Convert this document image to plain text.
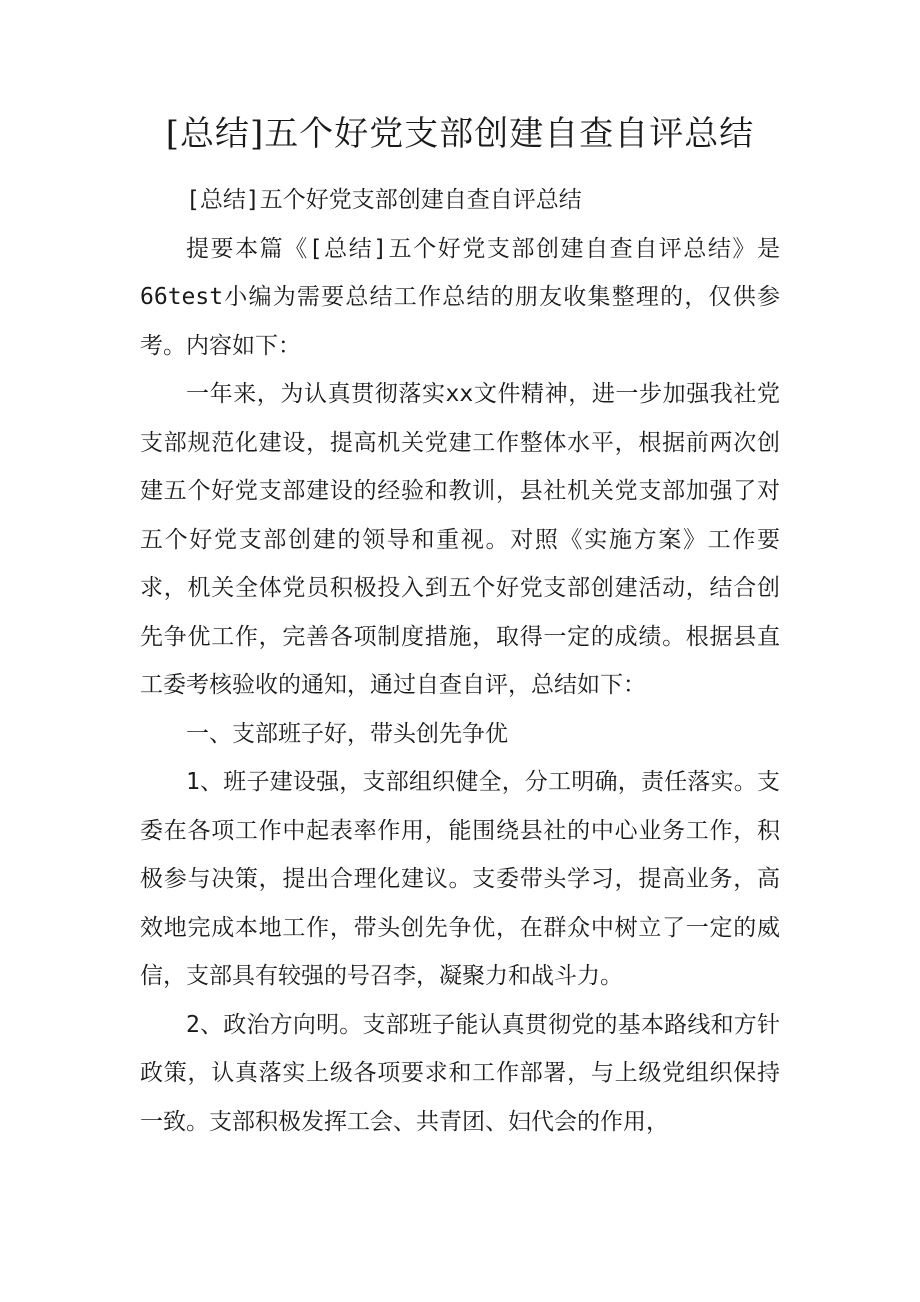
[总结]五个好党支部创建自查自评总结

[总结]五个好党支部创建自查自评总结

提要本篇《[总结]五个好党支部创建自查自评总结》是66test小编为需要总结工作总结的朋友收集整理的，仅供参考。内容如下：

一年来，为认真贯彻落实xx文件精神，进一步加强我社党支部规范化建设，提高机关党建工作整体水平，根据前两次创建五个好党支部建设的经验和教训，县社机关党支部加强了对五个好党支部创建的领导和重视。对照《实施方案》工作要求，机关全体党员积极投入到五个好党支部创建活动，结合创先争优工作，完善各项制度措施，取得一定的成绩。根据县直工委考核验收的通知，通过自查自评，总结如下：

一、支部班子好，带头创先争优

1、班子建设强，支部组织健全，分工明确，责任落实。支委在各项工作中起表率作用，能围绕县社的中心业务工作，积极参与决策，提出合理化建议。支委带头学习，提高业务，高效地完成本地工作，带头创先争优，在群众中树立了一定的威信，支部具有较强的号召李，凝聚力和战斗力。

2、政治方向明。支部班子能认真贯彻党的基本路线和方针政策，认真落实上级各项要求和工作部署，与上级党组织保持一致。支部积极发挥工会、共青团、妇代会的作用，
